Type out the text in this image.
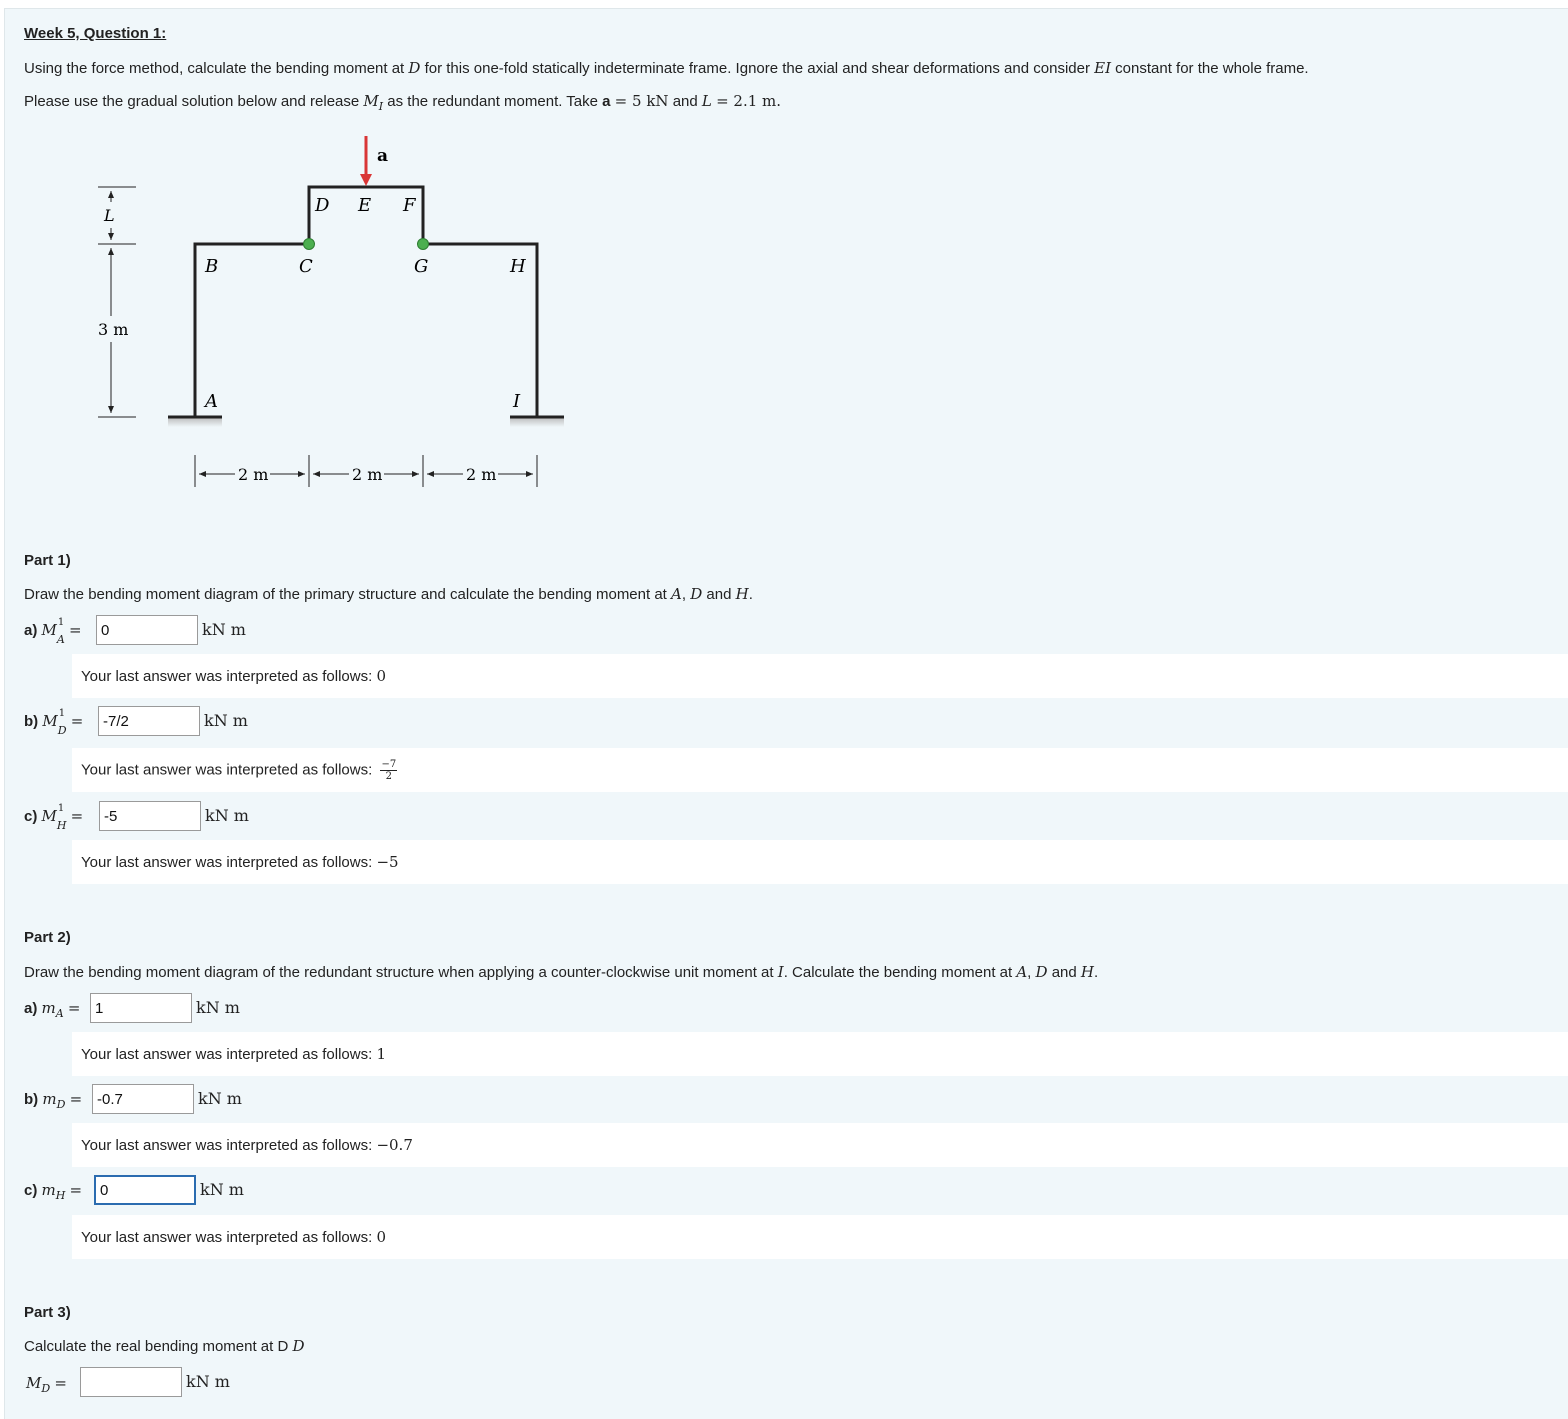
Week 5, Question 1:
Using the force method, calculate the bending moment at D for this one-fold statically indeterminate frame. Ignore the axial and shear deformations and consider EI constant for the whole frame.
Please use the gradual solution below and release $M_I$ as the redundant moment. Take a = 5 kN and L = 2.1 m.
a
D E F
B	C	G	H
A	I
L
3 m
2 m	2 m	2 m
Part 1)
Draw the bending moment diagram of the primary structure and calculate the bending moment at A, D and H.
a) M 1
$_A$ =
0	kN m
Your last answer was interpreted as follows: 0
b) M 1
$_D$ =
-7/2	kN m
Your last answer was interpreted as follows: $\frac{-7}{2}$
c) M 1
$_H$ =
-5	kN m
Your last answer was interpreted as follows: −5
Part 2)
Draw the bending moment diagram of the redundant structure when applying a counter-clockwise unit moment at I. Calculate the bending moment at A, D and H.
a) $m_A$ =
1	kN m
Your last answer was interpreted as follows: 1
b) $m_D$ =
-0.7	kN m
Your last answer was interpreted as follows: −0.7
c) $m_H$ =
0	kN m
Your last answer was interpreted as follows: 0
Part 3)
Calculate the real bending moment at D D
$M_D$ =	kN m
